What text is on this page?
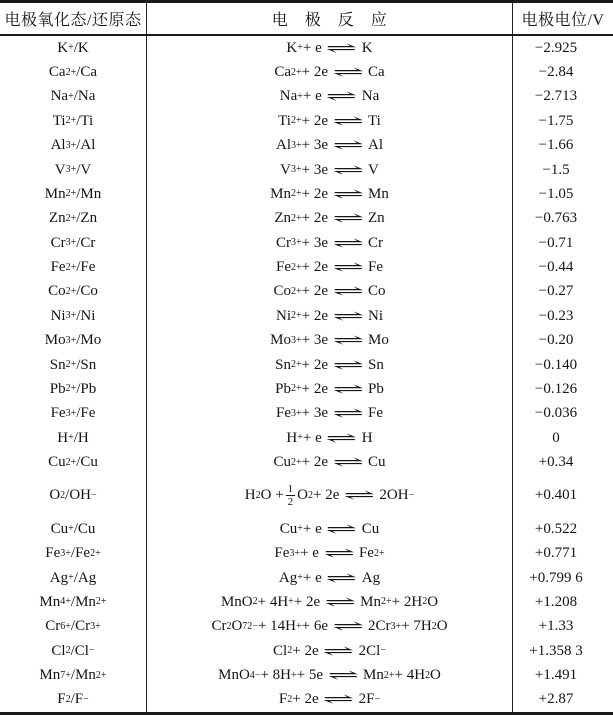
电极氧化态/还原态	电　极　反　应	电极电位/V
K + /K	K + + e ⇌ K	−2.925
Ca 2+ /Ca	Ca 2+ + 2e ⇌ Ca	−2.84
Na + /Na	Na + + e ⇌ Na	−2.713
Ti 2+ /Ti	Ti 2+ + 2e ⇌ Ti	−1.75
Al 3+ /Al	Al 3+ + 3e ⇌ Al	−1.66
V 3+ /V	V 3+ + 3e ⇌ V	−1.5
Mn 2+ /Mn	Mn 2+ + 2e ⇌ Mn	−1.05
Zn 2+ /Zn	Zn 2+ + 2e ⇌ Zn	−0.763
Cr 3+ /Cr	Cr 3+ + 3e ⇌ Cr	−0.71
Fe 2+ /Fe	Fe 2+ + 2e ⇌ Fe	−0.44
Co 2+ /Co	Co 2+ + 2e ⇌ Co	−0.27
Ni 3+ /Ni	Ni 2+ + 2e ⇌ Ni	−0.23
Mo 3+ /Mo	Mo 3+ + 3e ⇌ Mo	−0.20
Sn 2+ /Sn	Sn 2+ + 2e ⇌ Sn	−0.140
Pb 2+ /Pb	Pb 2+ + 2e ⇌ Pb	−0.126
Fe 3+ /Fe	Fe 3+ + 3e ⇌ Fe	−0.036
H + /H	H + + e ⇌ H	0
Cu 2+ /Cu	Cu 2+ + 2e ⇌ Cu	+0.34
O 2 /OH −	H 2 $O + \frac{1}{2}$ O 2 + 2e ⇌ 2OH −	+0.401
Cu + /Cu	Cu + + e ⇌ Cu	+0.522
Fe 3+ /Fe 2+	Fe 3+ + e ⇌ Fe 2+	+0.771
Ag + /Ag	Ag + + e ⇌ Ag	+0.799 6
Mn 4+ /Mn 2+	MnO 2 + 4H + + 2e ⇌ Mn 2+ + 2H 2 O	+1.208
Cr 6+ /Cr 3+	Cr 2 O 7 2− + 14H + + 6e ⇌ 2Cr 3+ + 7H 2 O	+1.33
Cl 2 /Cl −	Cl 2 + 2e ⇌ 2Cl −	+1.358 3
Mn 7+ /Mn 2+	MnO 4 − + 8H + + 5e ⇌ Mn 2+ + 4H 2 O	+1.491
F 2 /F −	F 2 + 2e ⇌ 2F −	+2.87
